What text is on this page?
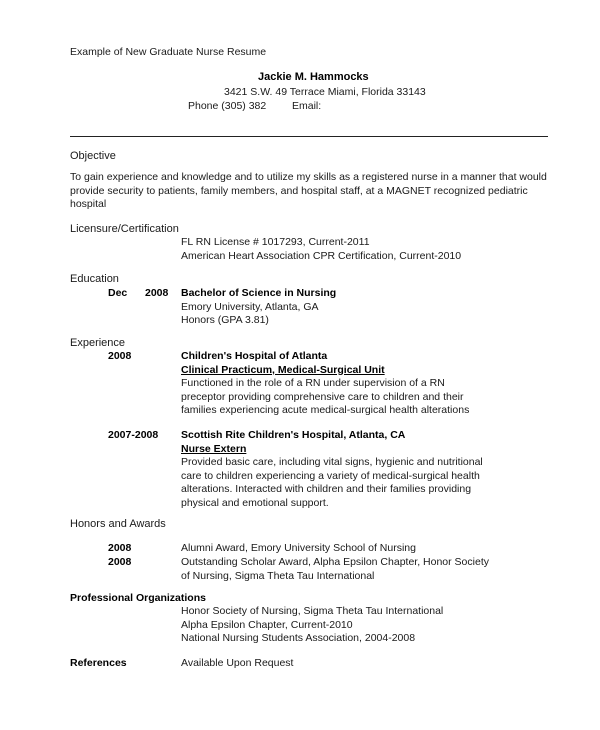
Example of New Graduate Nurse Resume
Jackie M. Hammocks
3421 S.W. 49 Terrace Miami, Florida 33143
Phone (305) 382 Email:
Objective
To gain experience and knowledge and to utilize my skills as a registered nurse in a manner that would
provide security to patients, family members, and hospital staff, at a MAGNET recognized pediatric
hospital
Licensure/Certification
FL RN License # 1017293, Current-2011
American Heart Association CPR Certification, Current-2010
Education
Dec 2008 Bachelor of Science in Nursing
Emory University, Atlanta, GA
Honors (GPA 3.81)
Experience
2008	Children's Hospital of Atlanta
Clinical Practicum, Medical-Surgical Unit
Functioned in the role of a RN under supervision of a RN
preceptor providing comprehensive care to children and their
families experiencing acute medical-surgical health alterations
2007-2008 Scottish Rite Children's Hospital, Atlanta, CA
Nurse Extern
Provided basic care, including vital signs, hygienic and nutritional
care to children experiencing a variety of medical-surgical health
alterations. Interacted with children and their families providing
physical and emotional support.
Honors and Awards
2008	Alumni Award, Emory University School of Nursing
2008	Outstanding Scholar Award, Alpha Epsilon Chapter, Honor Society
of Nursing, Sigma Theta Tau International
Professional Organizations
Honor Society of Nursing, Sigma Theta Tau International
Alpha Epsilon Chapter, Current-2010
National Nursing Students Association, 2004-2008
References	Available Upon Request
